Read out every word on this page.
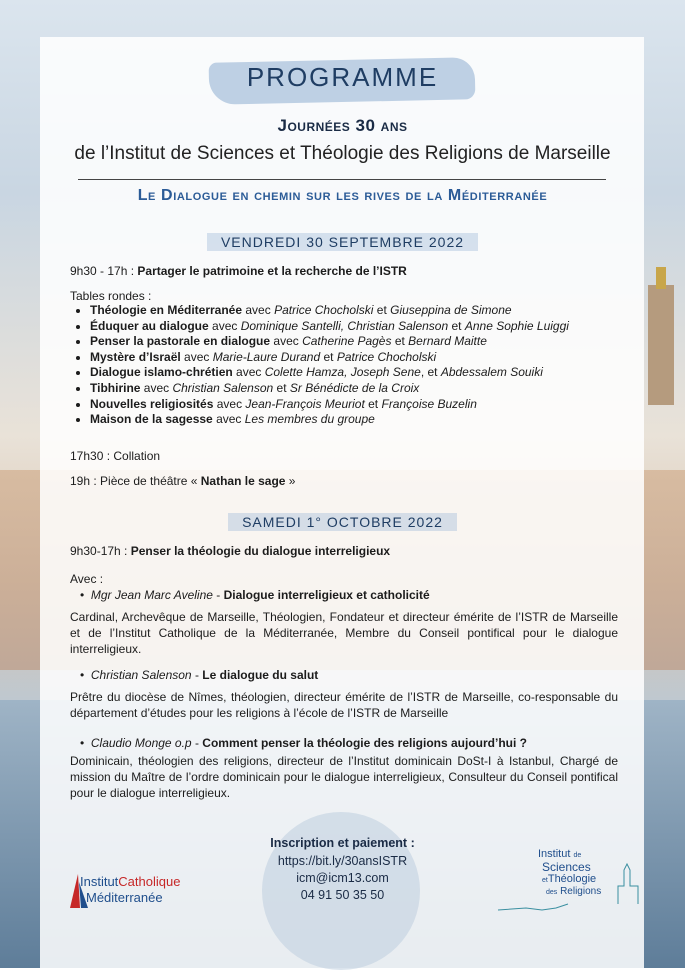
PROGRAMME
Journées 30 ans
de l’Institut de Sciences et Théologie des Religions de Marseille
Le Dialogue en chemin sur les rives de la Méditerranée
VENDREDI 30 SEPTEMBRE 2022
9h30 - 17h : Partager le patrimoine et la recherche de l’ISTR
Tables rondes :
• Théologie en Méditerranée avec Patrice Chocholski et Giuseppina de Simone
• Éduquer au dialogue avec Dominique Santelli, Christian Salenson et Anne Sophie Luiggi
• Penser la pastorale en dialogue avec Catherine Pagès et Bernard Maitte
• Mystère d’Israël avec Marie-Laure Durand et Patrice Chocholski
• Dialogue islamo-chrétien avec Colette Hamza, Joseph Sene, et Abdessalem Souiki
• Tibhirine avec Christian Salenson et Sr Bénédicte de la Croix
• Nouvelles religiosités avec Jean-François Meuriot et Françoise Buzelin
• Maison de la sagesse avec Les membres du groupe
17h30 : Collation
19h : Pièce de théâtre « Nathan le sage »
SAMEDI 1° OCTOBRE 2022
9h30-17h : Penser la théologie du dialogue interreligieux
Avec :
•  Mgr Jean Marc Aveline - Dialogue interreligieux et catholicité
Cardinal, Archevêque de Marseille, Théologien, Fondateur et directeur émérite de l’ISTR de Marseille et de l’Institut Catholique de la Méditerranée, Membre du Conseil pontifical pour le dialogue interreligieux.
•  Christian Salenson - Le dialogue du salut
Prêtre du diocèse de Nîmes, théologien, directeur émérite de l’ISTR de Marseille, co-responsable du département d’études pour les religions à l’école de l’ISTR de Marseille
•  Claudio Monge o.p - Comment penser la théologie des religions aujourd’hui ?
Dominicain, théologien des religions, directeur de l’Institut dominicain DoSt-I à Istanbul, Chargé de mission du Maître de l’ordre dominicain pour le dialogue interreligieux, Consulteur du Conseil pontifical pour le dialogue interreligieux.
Inscription et paiement :
https://bit.ly/30ansISTR
icm@icm13.com
04 91 50 35 50
InstitutCatholique
Méditerranée
Institut de
Sciences
etThéologie
des Religions
